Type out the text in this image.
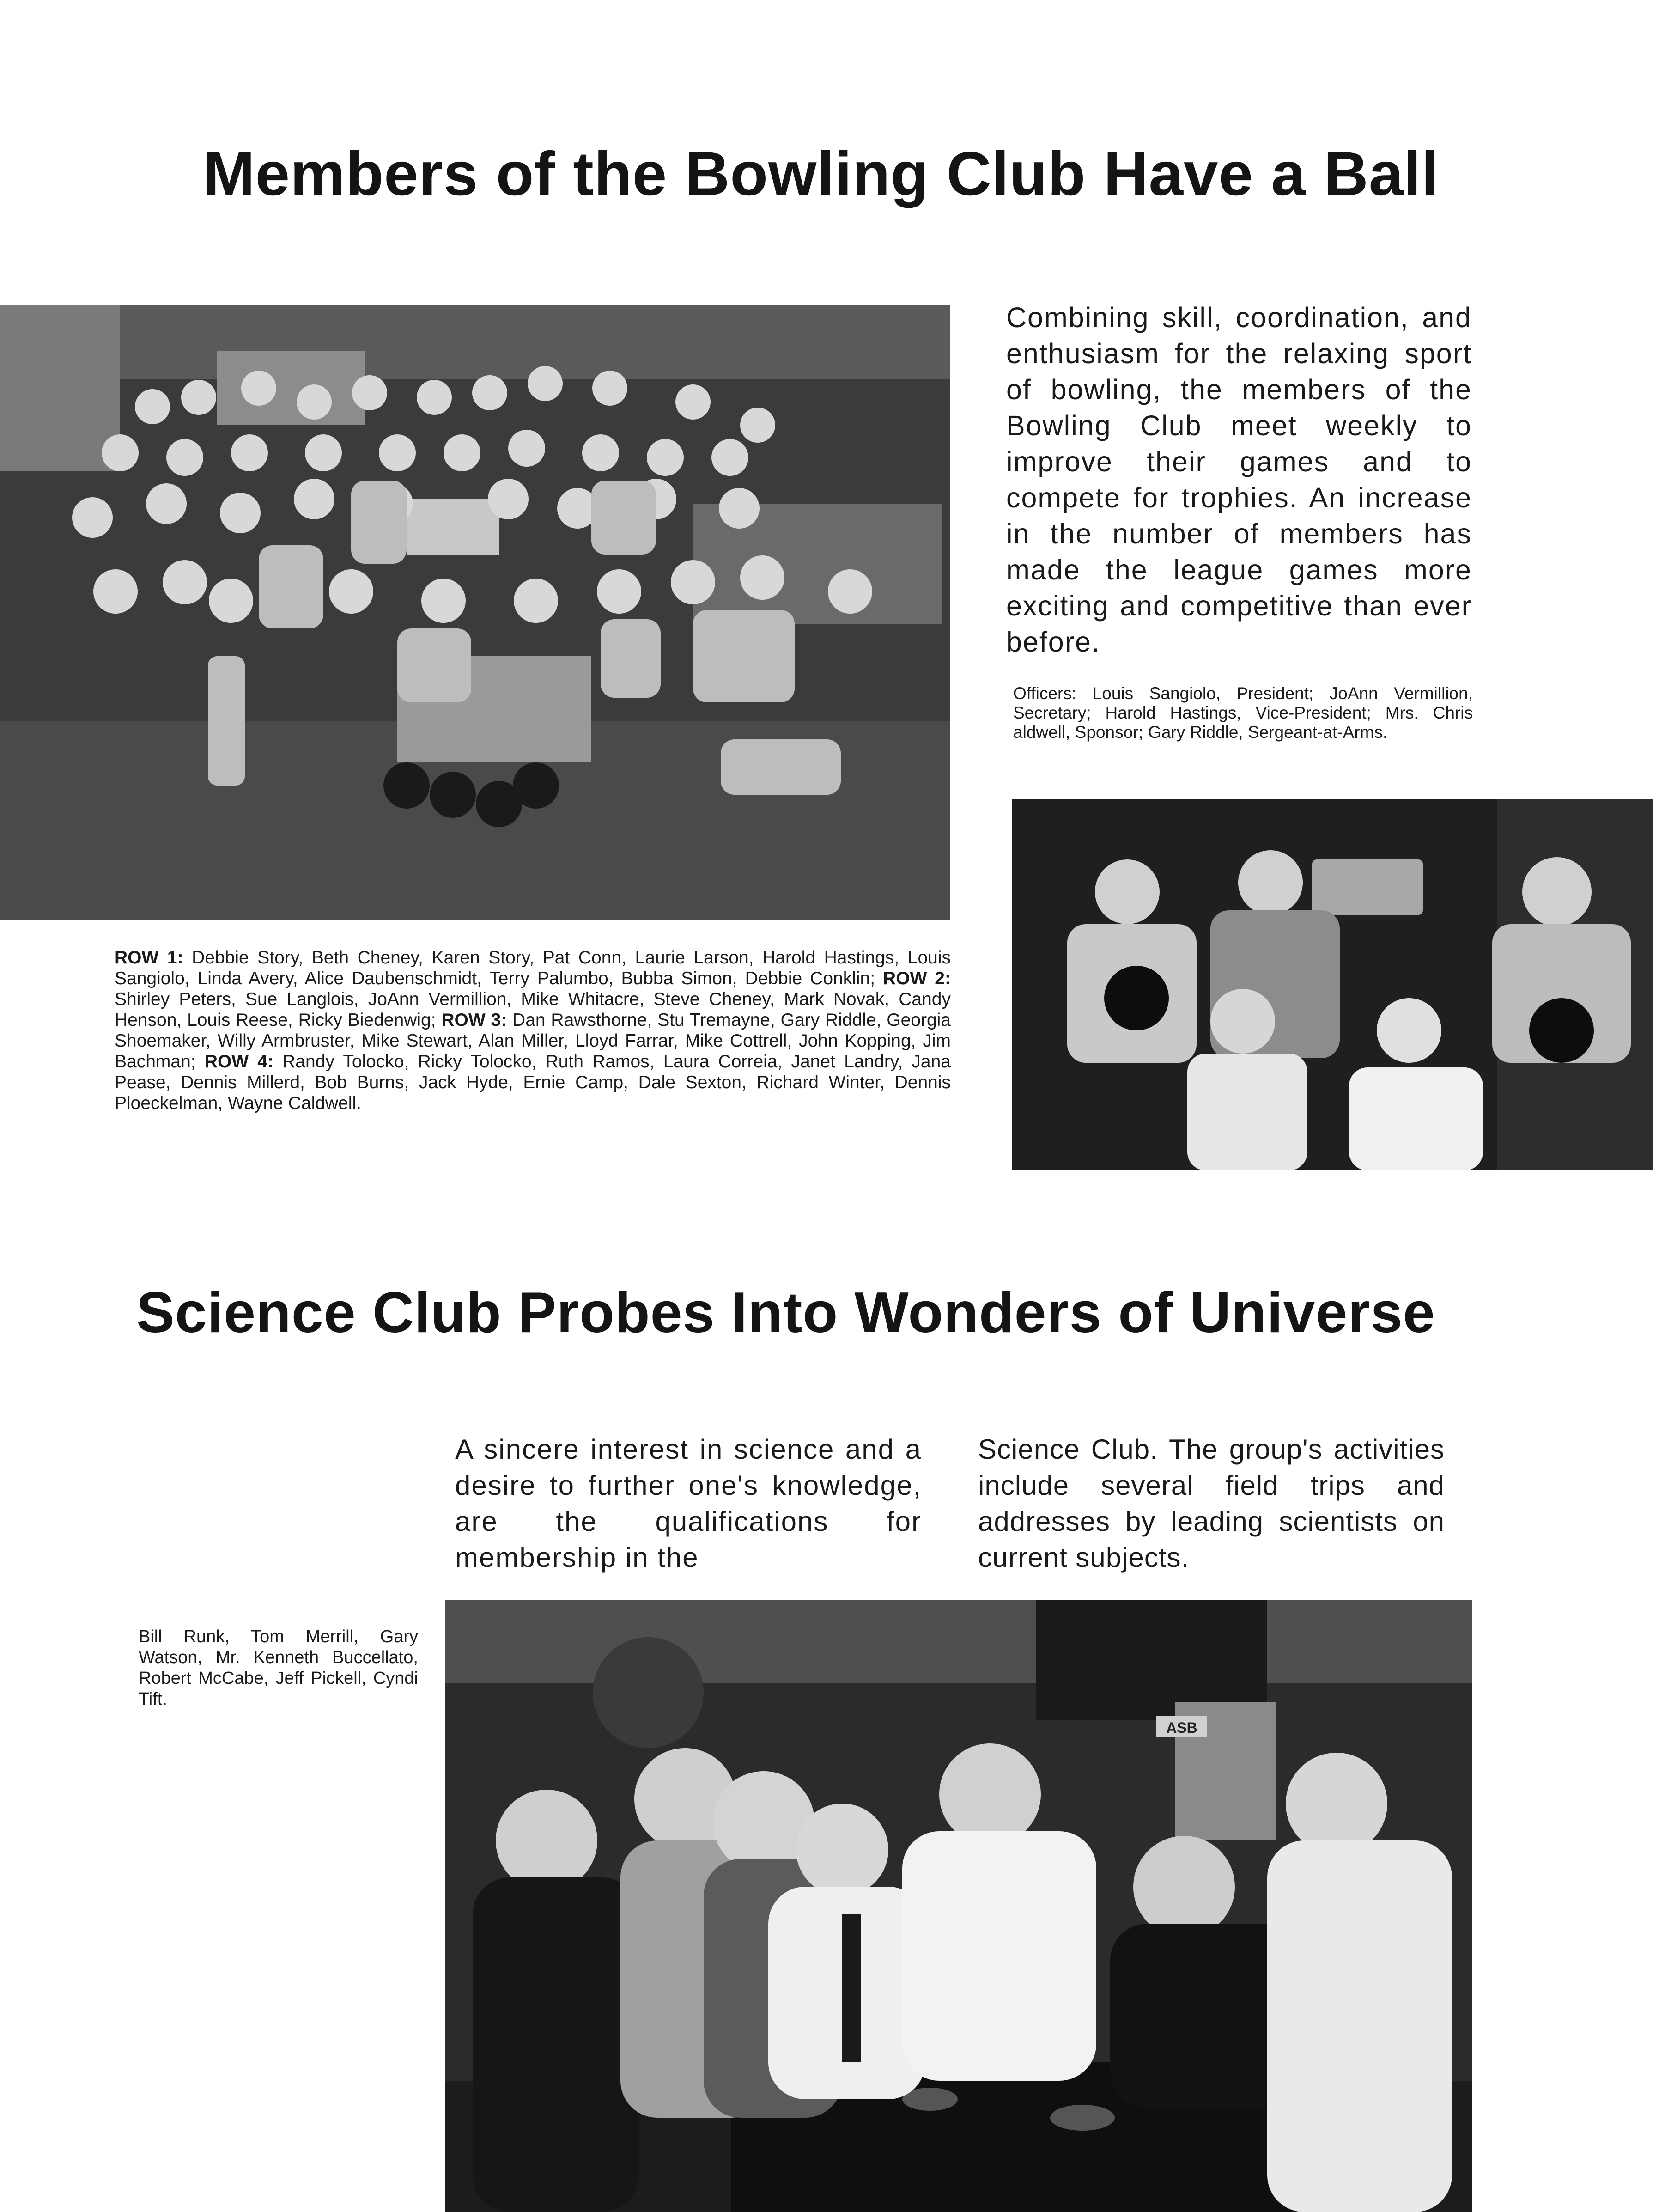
Members of the Bowling Club Have a Ball
Combining skill, coordination, and enthusiasm for the relaxing sport of bowling, the members of the Bowling Club meet weekly to improve their games and to compete for trophies. An increase in the number of members has made the league games more exciting and competitive than ever before.
Officers: Louis Sangiolo, President; JoAnn Vermillion, Secretary; Harold Hastings, Vice-President; Mrs. Chris aldwell, Sponsor; Gary Riddle, Sergeant-at-Arms.
ROW 1: Debbie Story, Beth Cheney, Karen Story, Pat Conn, Laurie Larson, Harold Hastings, Louis Sangiolo, Linda Avery, Alice Daubenschmidt, Terry Palumbo, Bubba Simon, Debbie Conklin; ROW 2: Shirley Peters, Sue Langlois, JoAnn Vermillion, Mike Whitacre, Steve Cheney, Mark Novak, Candy Henson, Louis Reese, Ricky Biedenwig; ROW 3: Dan Rawsthorne, Stu Tremayne, Gary Riddle, Georgia Shoemaker, Willy Armbruster, Mike Stewart, Alan Miller, Lloyd Farrar, Mike Cottrell, John Kopping, Jim Bachman; ROW 4: Randy Tolocko, Ricky Tolocko, Ruth Ramos, Laura Correia, Janet Landry, Jana Pease, Dennis Millerd, Bob Burns, Jack Hyde, Ernie Camp, Dale Sexton, Richard Winter, Dennis Ploeckelman, Wayne Caldwell.
Science Club Probes Into Wonders of Universe
A sincere interest in science and a desire to further one's knowledge, are the qualifications for membership in the
Science Club. The group's activities include several field trips and addresses by leading scientists on current subjects.
Bill Runk, Tom Merrill, Gary Watson, Mr. Kenneth Buccellato, Robert McCabe, Jeff Pickell, Cyndi Tift.
ASB
